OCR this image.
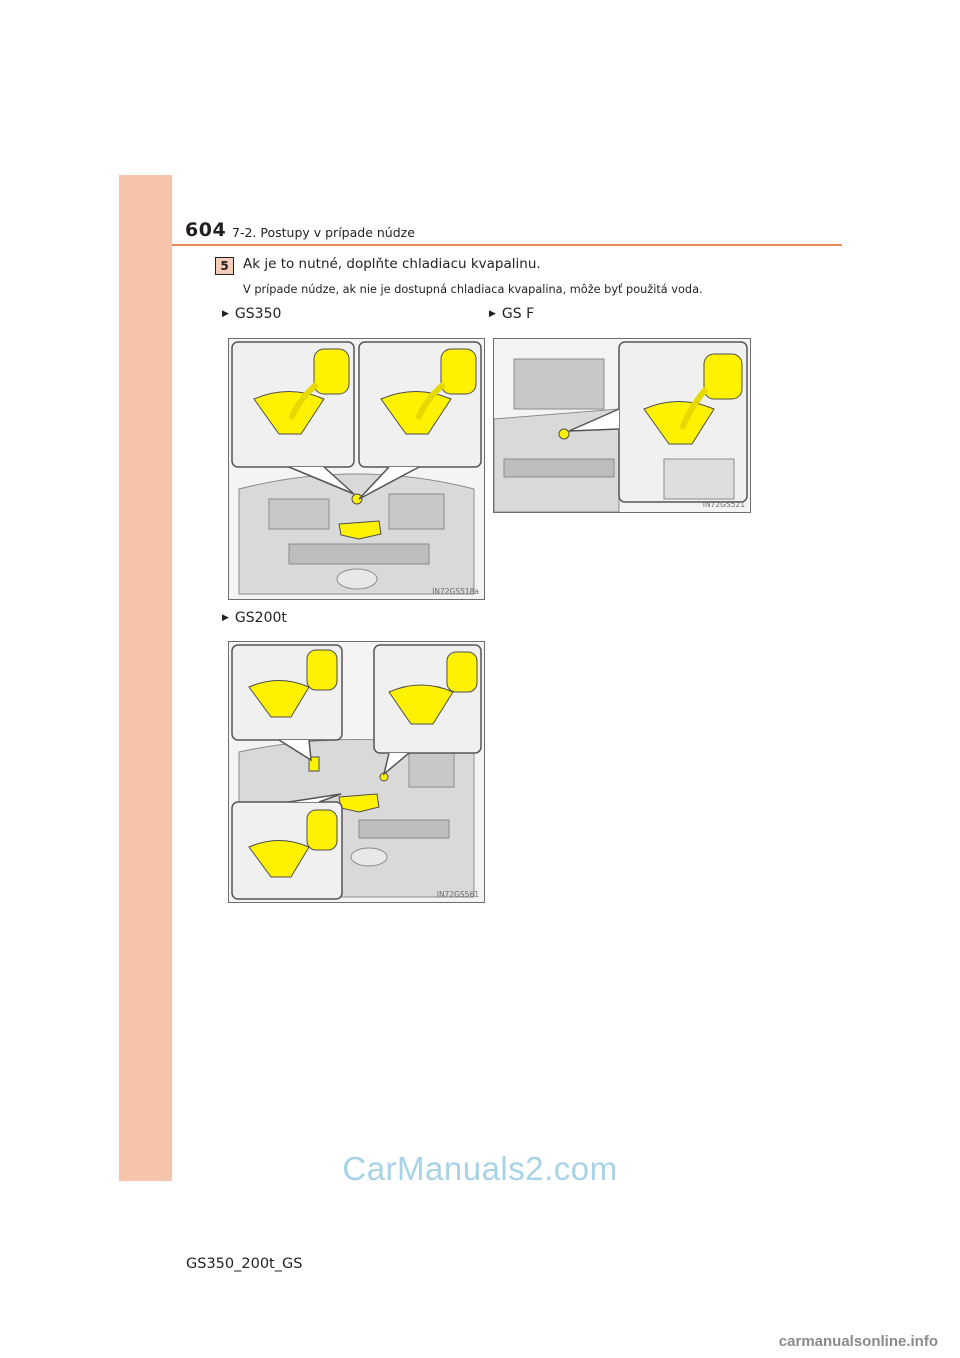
604 7-2. Postupy v prípade núdze
5	Ak je to nutné, doplňte chladiacu kvapalinu.
V prípade núdze, ak nie je dostupná chladiaca kvapalina, môže byť použitá voda.
▶ GS350
IN72GS518a
▶ GS F
IN72GS521
▶ GS200t
IN72GS561
CarManuals2.com
GS350_200t_GS
carmanualsonline.info
